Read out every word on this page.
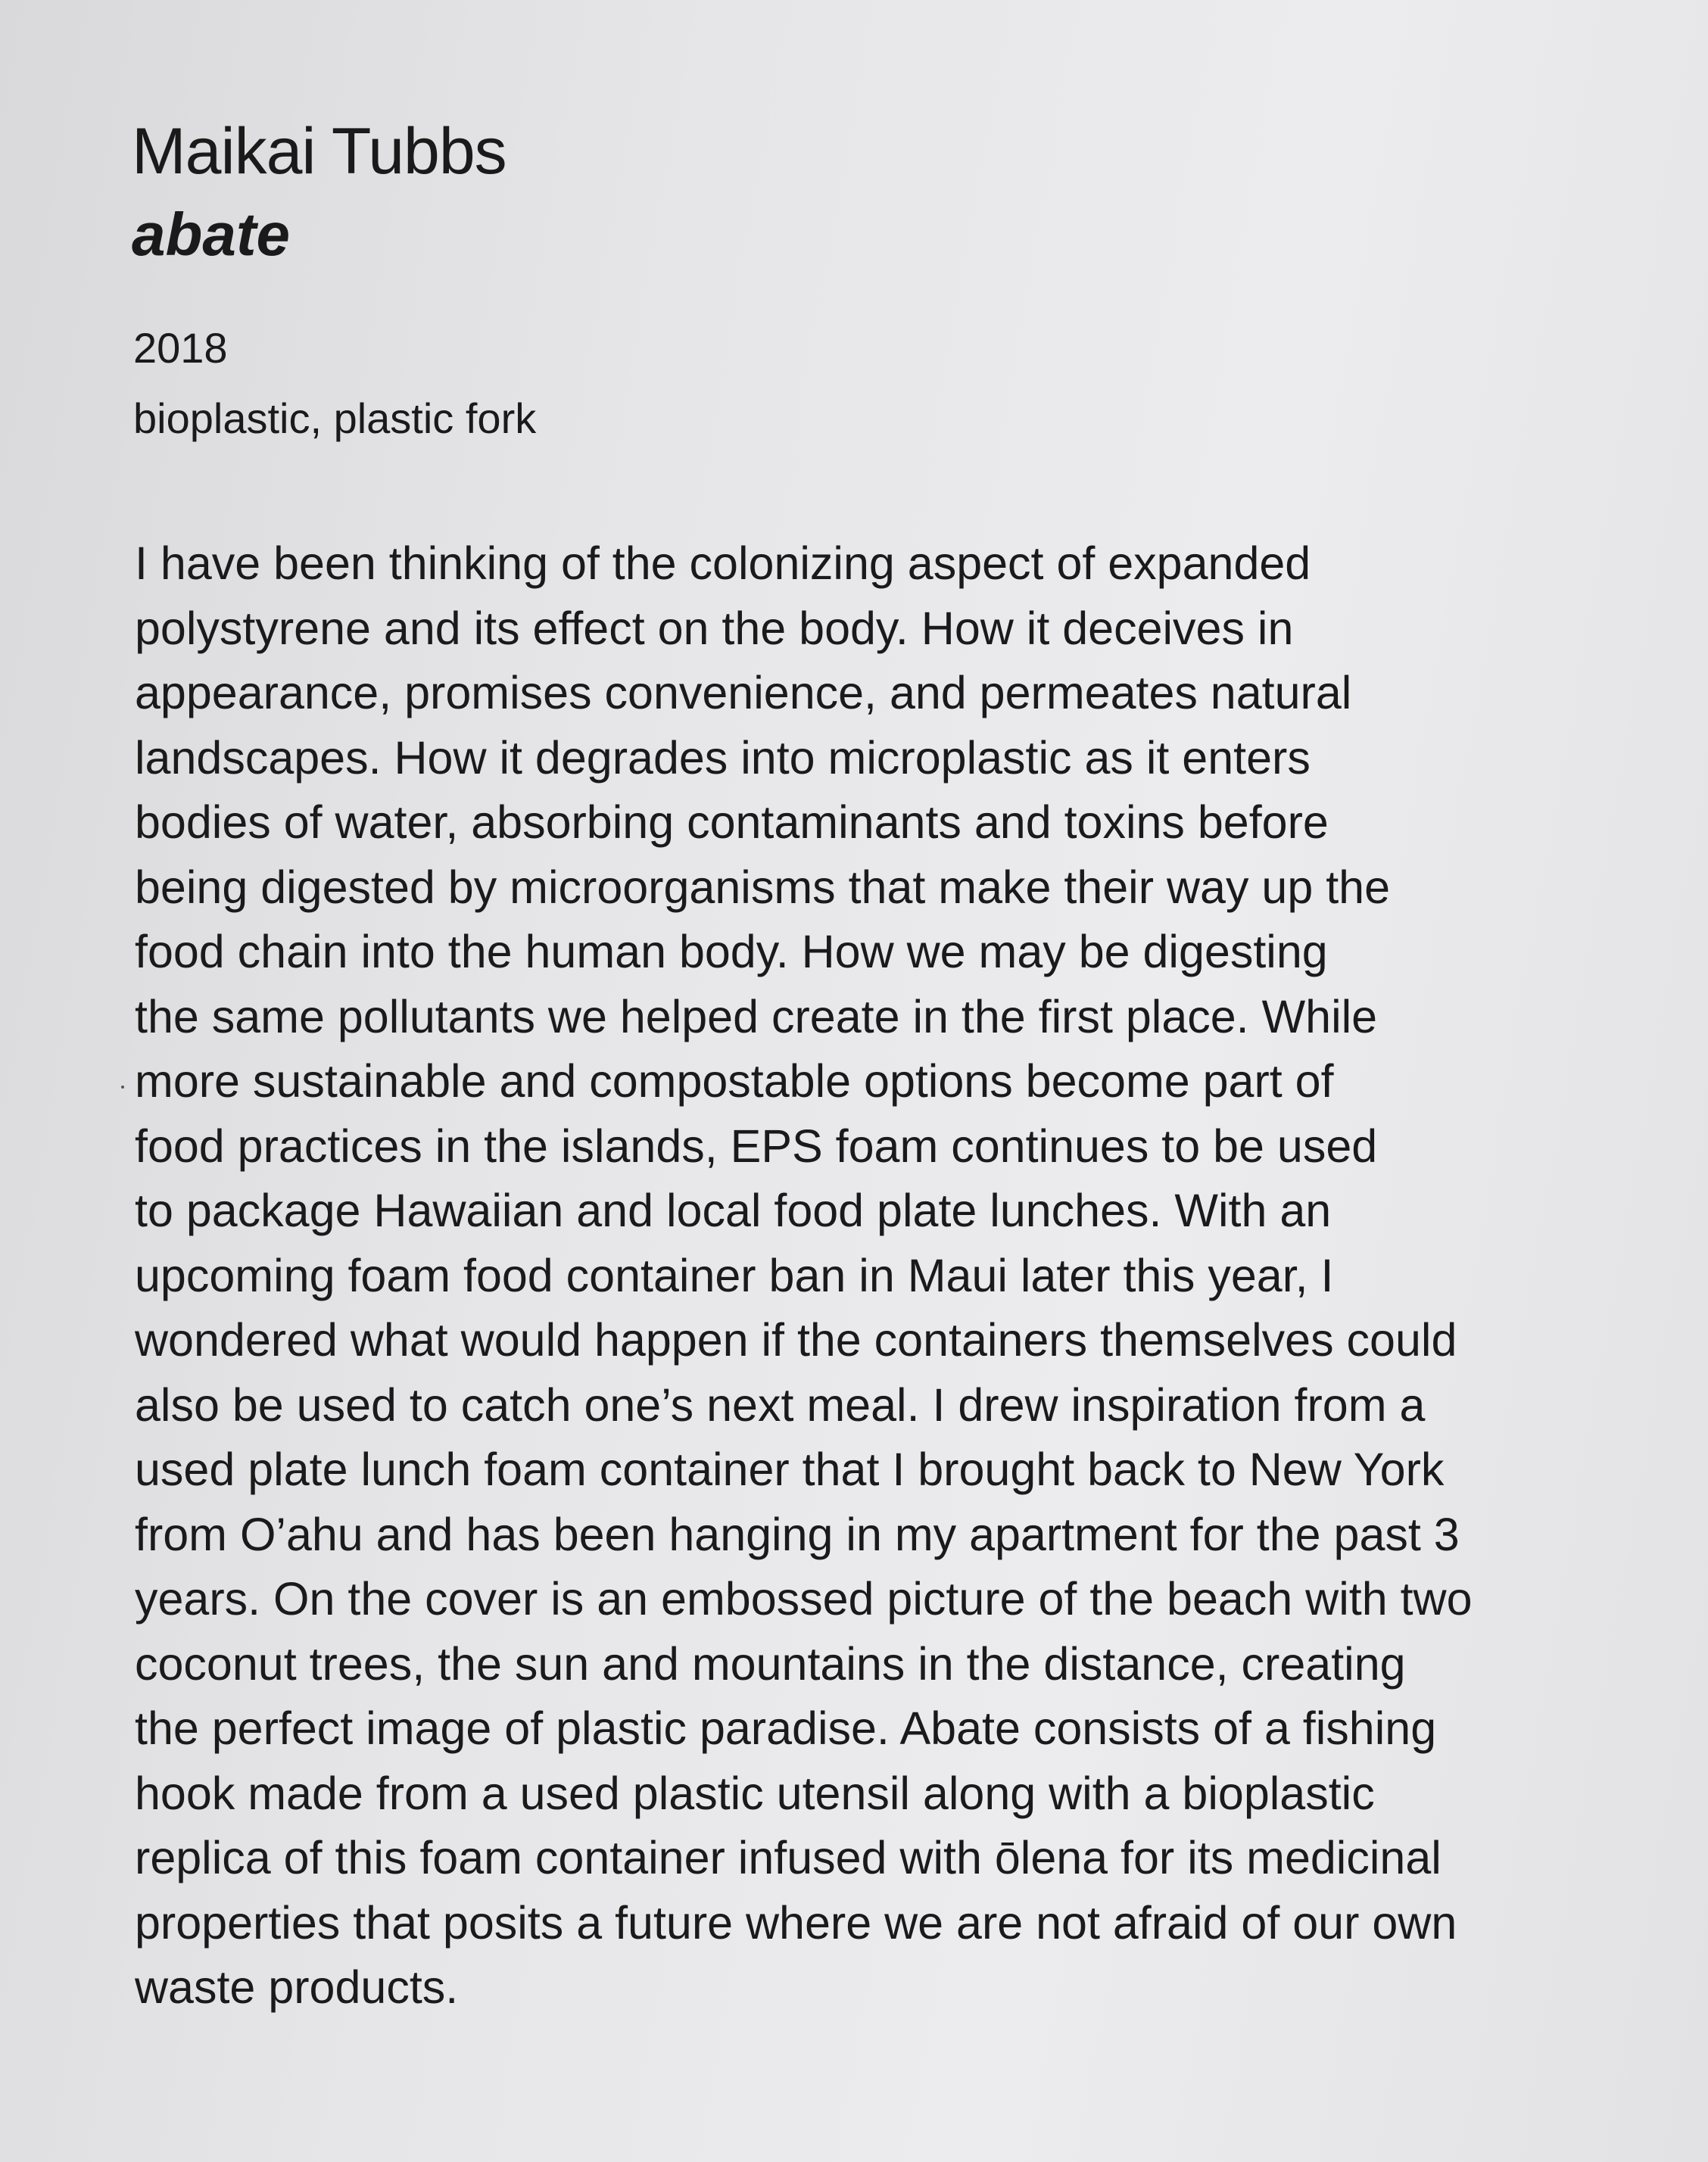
Maikai Tubbs
abate
2018
bioplastic, plastic fork
I have been thinking of the colonizing aspect of expanded
polystyrene and its effect on the body. How it deceives in
appearance, promises convenience, and permeates natural
landscapes. How it degrades into microplastic as it enters
bodies of water, absorbing contaminants and toxins before
being digested by microorganisms that make their way up the
food chain into the human body. How we may be digesting
the same pollutants we helped create in the first place. While
more sustainable and compostable options become part of
food practices in the islands, EPS foam continues to be used
to package Hawaiian and local food plate lunches. With an
upcoming foam food container ban in Maui later this year, I
wondered what would happen if the containers themselves could
also be used to catch one’s next meal. I drew inspiration from a
used plate lunch foam container that I brought back to New York
from O’ahu and has been hanging in my apartment for the past 3
years. On the cover is an embossed picture of the beach with two
coconut trees, the sun and mountains in the distance, creating
the perfect image of plastic paradise. Abate consists of a fishing
hook made from a used plastic utensil along with a bioplastic
replica of this foam container infused with ōlena for its medicinal
properties that posits a future where we are not afraid of our own
waste products.
